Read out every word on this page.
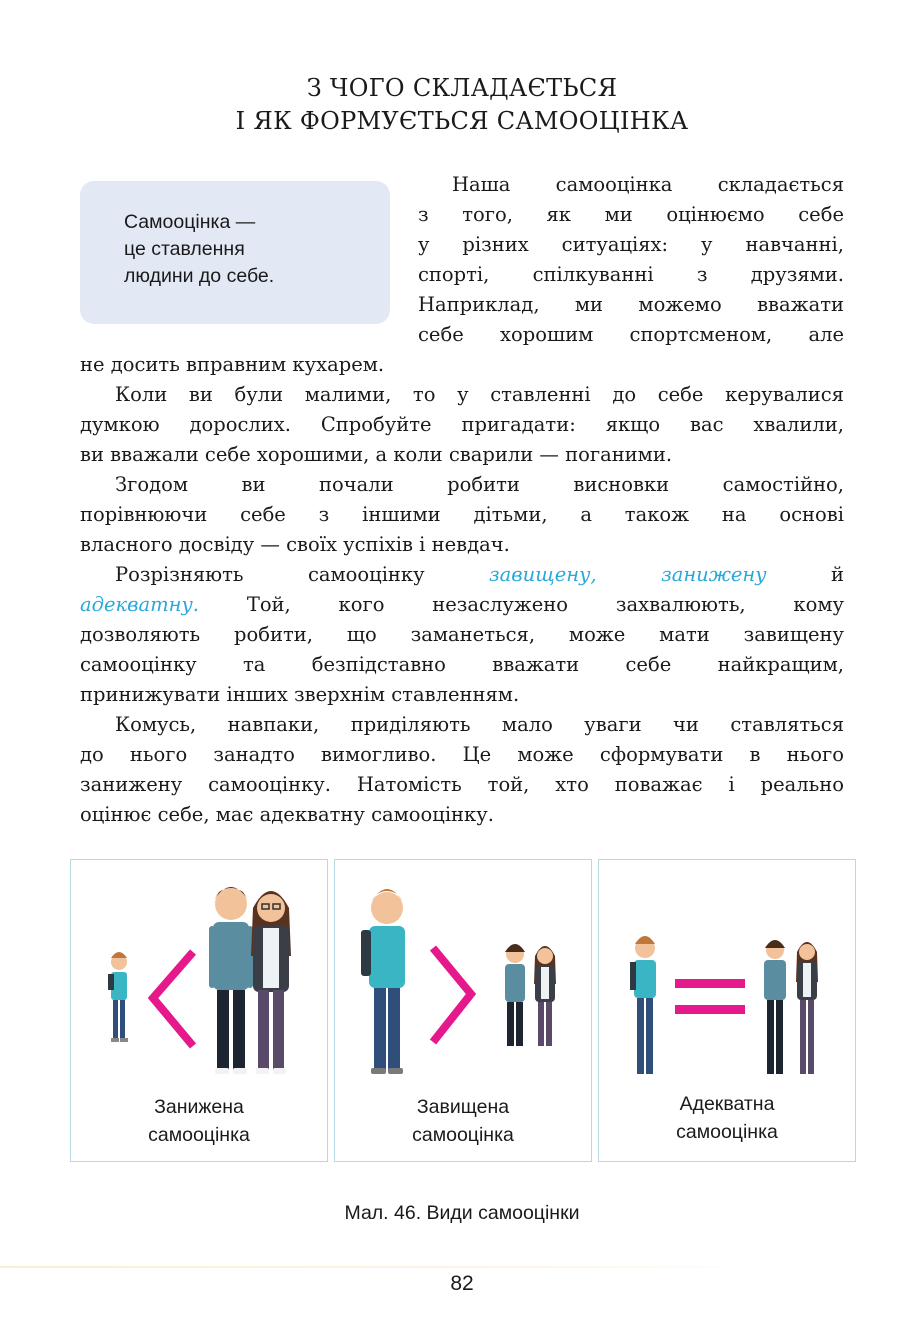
З ЧОГО СКЛАДАЄТЬСЯ
І ЯК ФОРМУЄТЬСЯ САМООЦІНКА
Самооцінка —
це ставлення
людини до себе.
Наша самооцінка складається
з того, як ми оцінюємо себе
у різних ситуаціях: у навчанні,
спорті, спілкуванні з друзями.
Наприклад, ми можемо вважати
себе хорошим спортсменом, але
не досить вправним кухарем.
Коли ви були малими, то у ставленні до себе керувалися
думкою дорослих. Спробуйте пригадати: якщо вас хвалили,
ви вважали себе хорошими, а коли сварили — поганими.
Згодом ви почали робити висновки самостійно,
порівнюючи себе з іншими дітьми, а також на основі
власного досвіду — своїх успіхів і невдач.
Розрізняють самооцінку	завищену,	занижену	й
адекватну. Той, кого незаслужено захвалюють, кому
дозволяють робити, що заманеться, може мати завищену
самооцінку та безпідставно вважати себе найкращим,
принижувати інших зверхнім ставленням.
Комусь, навпаки, приділяють мало уваги чи ставляться
до нього занадто вимогливо. Це може сформувати в нього
занижену самооцінку. Натомість той, хто поважає і реально
оцінює себе, має адекватну самооцінку.
Занижена
самооцінка
Завищена
самооцінка
Адекватна
самооцінка
Мал. 46. Види самооцінки
82
